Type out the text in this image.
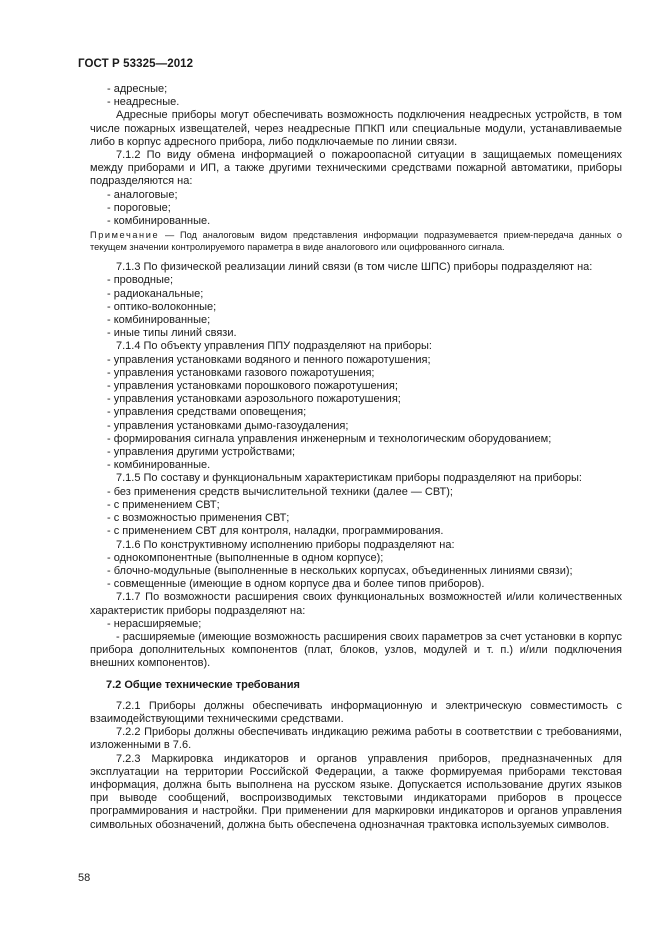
ГОСТ Р 53325—2012

- адресные;

- неадресные.

Адресные приборы могут обеспечивать возможность подключения неадресных устройств, в том числе пожарных извещателей, через неадресные ППКП или специальные модули, устанавливаемые либо в корпус адресного прибора, либо подключаемые по линии связи.

7.1.2 По виду обмена информацией о пожароопасной ситуации в защищаемых помещениях между приборами и ИП, а также другими техническими средствами пожарной автоматики, приборы подразделяются на:

- аналоговые;

- пороговые;

- комбинированные.

Примечание — Под аналоговым видом представления информации подразумевается прием-передача данных о текущем значении контролируемого параметра в виде аналогового или оцифрованного сигнала.

7.1.3 По физической реализации линий связи (в том числе ШПС) приборы подразделяют на:

- проводные;

- радиоканальные;

- оптико-волоконные;

- комбинированные;

- иные типы линий связи.

7.1.4 По объекту управления ППУ подразделяют на приборы:

- управления установками водяного и пенного пожаротушения;

- управления установками газового пожаротушения;

- управления установками порошкового пожаротушения;

- управления установками аэрозольного пожаротушения;

- управления средствами оповещения;

- управления установками дымо-газоудаления;

- формирования сигнала управления инженерным и технологическим оборудованием;

- управления другими устройствами;

- комбинированные.

7.1.5 По составу и функциональным характеристикам приборы подразделяют на приборы:

- без применения средств вычислительной техники (далее — СВТ);

- с применением СВТ;

- с возможностью применения СВТ;

- с применением СВТ для контроля, наладки, программирования.

7.1.6 По конструктивному исполнению приборы подразделяют на:

- однокомпонентные (выполненные в одном корпусе);

- блочно-модульные (выполненные в нескольких корпусах, объединенных линиями связи);

- совмещенные (имеющие в одном корпусе два и более типов приборов).

7.1.7 По возможности расширения своих функциональных возможностей и/или количественных характеристик приборы подразделяют на:

- нерасширяемые;

- расширяемые (имеющие возможность расширения своих параметров за счет установки в корпус прибора дополнительных компонентов (плат, блоков, узлов, модулей и т. п.) и/или подключения внешних компонентов).

7.2 Общие технические требования

7.2.1 Приборы должны обеспечивать информационную и электрическую совместимость с взаимодействующими техническими средствами.

7.2.2 Приборы должны обеспечивать индикацию режима работы в соответствии с требованиями, изложенными в 7.6.

7.2.3 Маркировка индикаторов и органов управления приборов, предназначенных для эксплуатации на территории Российской Федерации, а также формируемая приборами текстовая информация, должна быть выполнена на русском языке. Допускается использование других языков при выводе сообщений, воспроизводимых текстовыми индикаторами приборов в процессе программирования и настройки. При применении для маркировки индикаторов и органов управления символьных обозначений, должна быть обеспечена однозначная трактовка используемых символов.

58
